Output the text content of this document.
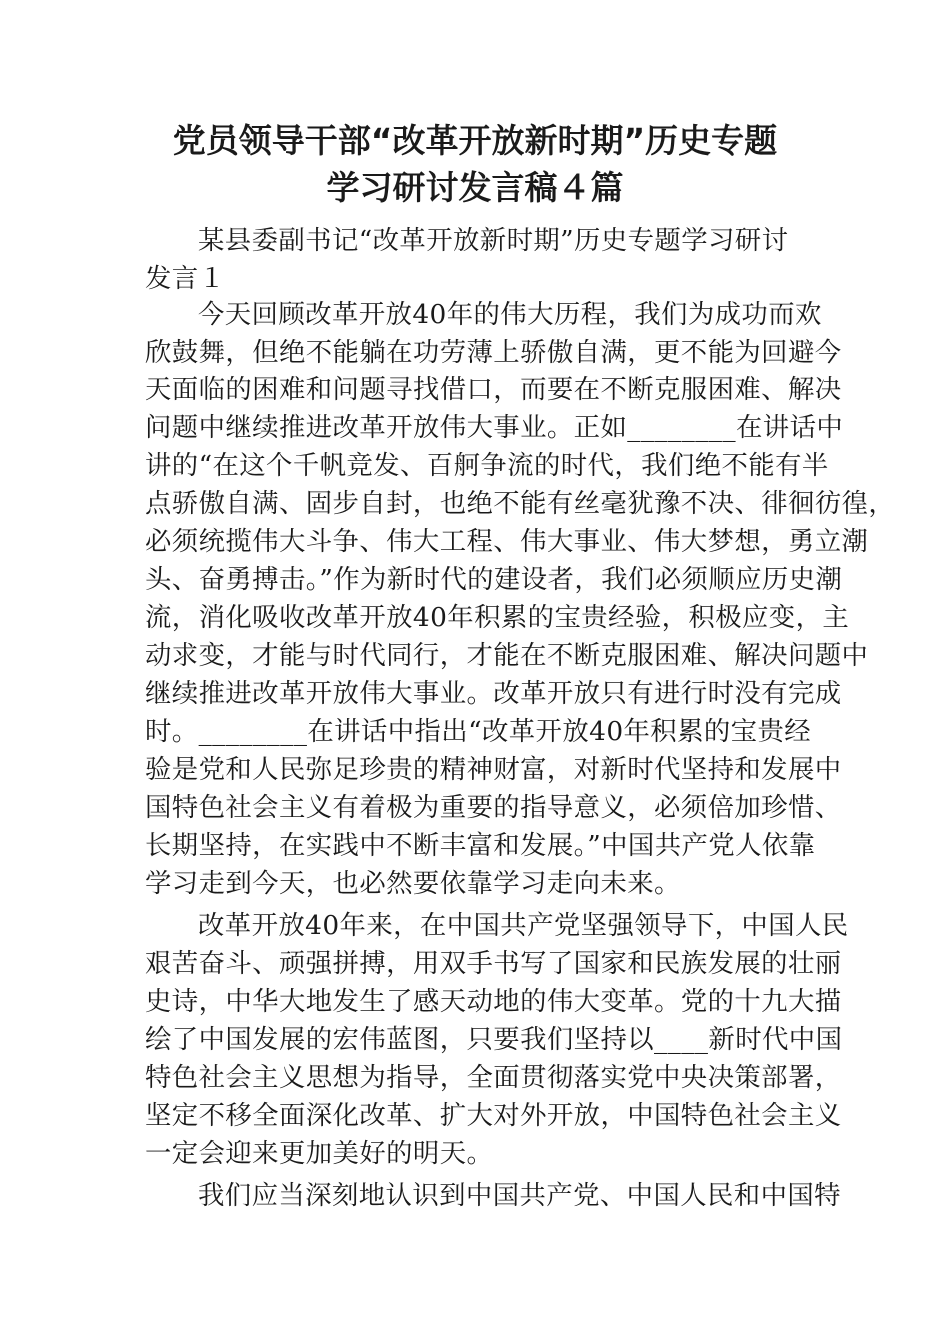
党员领导干部“改革开放新时期”历史专题
学习研讨发言稿４篇
某县委副书记“改革开放新时期”历史专题学习研讨
发言１
今天回顾改革开放40年的伟大历程，我们为成功而欢
欣鼓舞，但绝不能躺在功劳薄上骄傲自满，更不能为回避今
天面临的困难和问题寻找借口，而要在不断克服困难、解决
问题中继续推进改革开放伟大事业。正如________在讲话中
讲的“在这个千帆竞发、百舸争流的时代，我们绝不能有半
点骄傲自满、固步自封，也绝不能有丝毫犹豫不决、徘徊彷徨，
必须统揽伟大斗争、伟大工程、伟大事业、伟大梦想，勇立潮
头、奋勇搏击。”作为新时代的建设者，我们必须顺应历史潮
流，消化吸收改革开放40年积累的宝贵经验，积极应变，主
动求变，才能与时代同行，才能在不断克服困难、解决问题中
继续推进改革开放伟大事业。改革开放只有进行时没有完成
时。________在讲话中指出“改革开放40年积累的宝贵经
验是党和人民弥足珍贵的精神财富，对新时代坚持和发展中
国特色社会主义有着极为重要的指导意义，必须倍加珍惜、
长期坚持，在实践中不断丰富和发展。”中国共产党人依靠
学习走到今天，也必然要依靠学习走向未来。
改革开放40年来，在中国共产党坚强领导下，中国人民
艰苦奋斗、顽强拼搏，用双手书写了国家和民族发展的壮丽
史诗，中华大地发生了感天动地的伟大变革。党的十九大描
绘了中国发展的宏伟蓝图，只要我们坚持以____新时代中国
特色社会主义思想为指导，全面贯彻落实党中央决策部署，
坚定不移全面深化改革、扩大对外开放，中国特色社会主义
一定会迎来更加美好的明天。
我们应当深刻地认识到中国共产党、中国人民和中国特
